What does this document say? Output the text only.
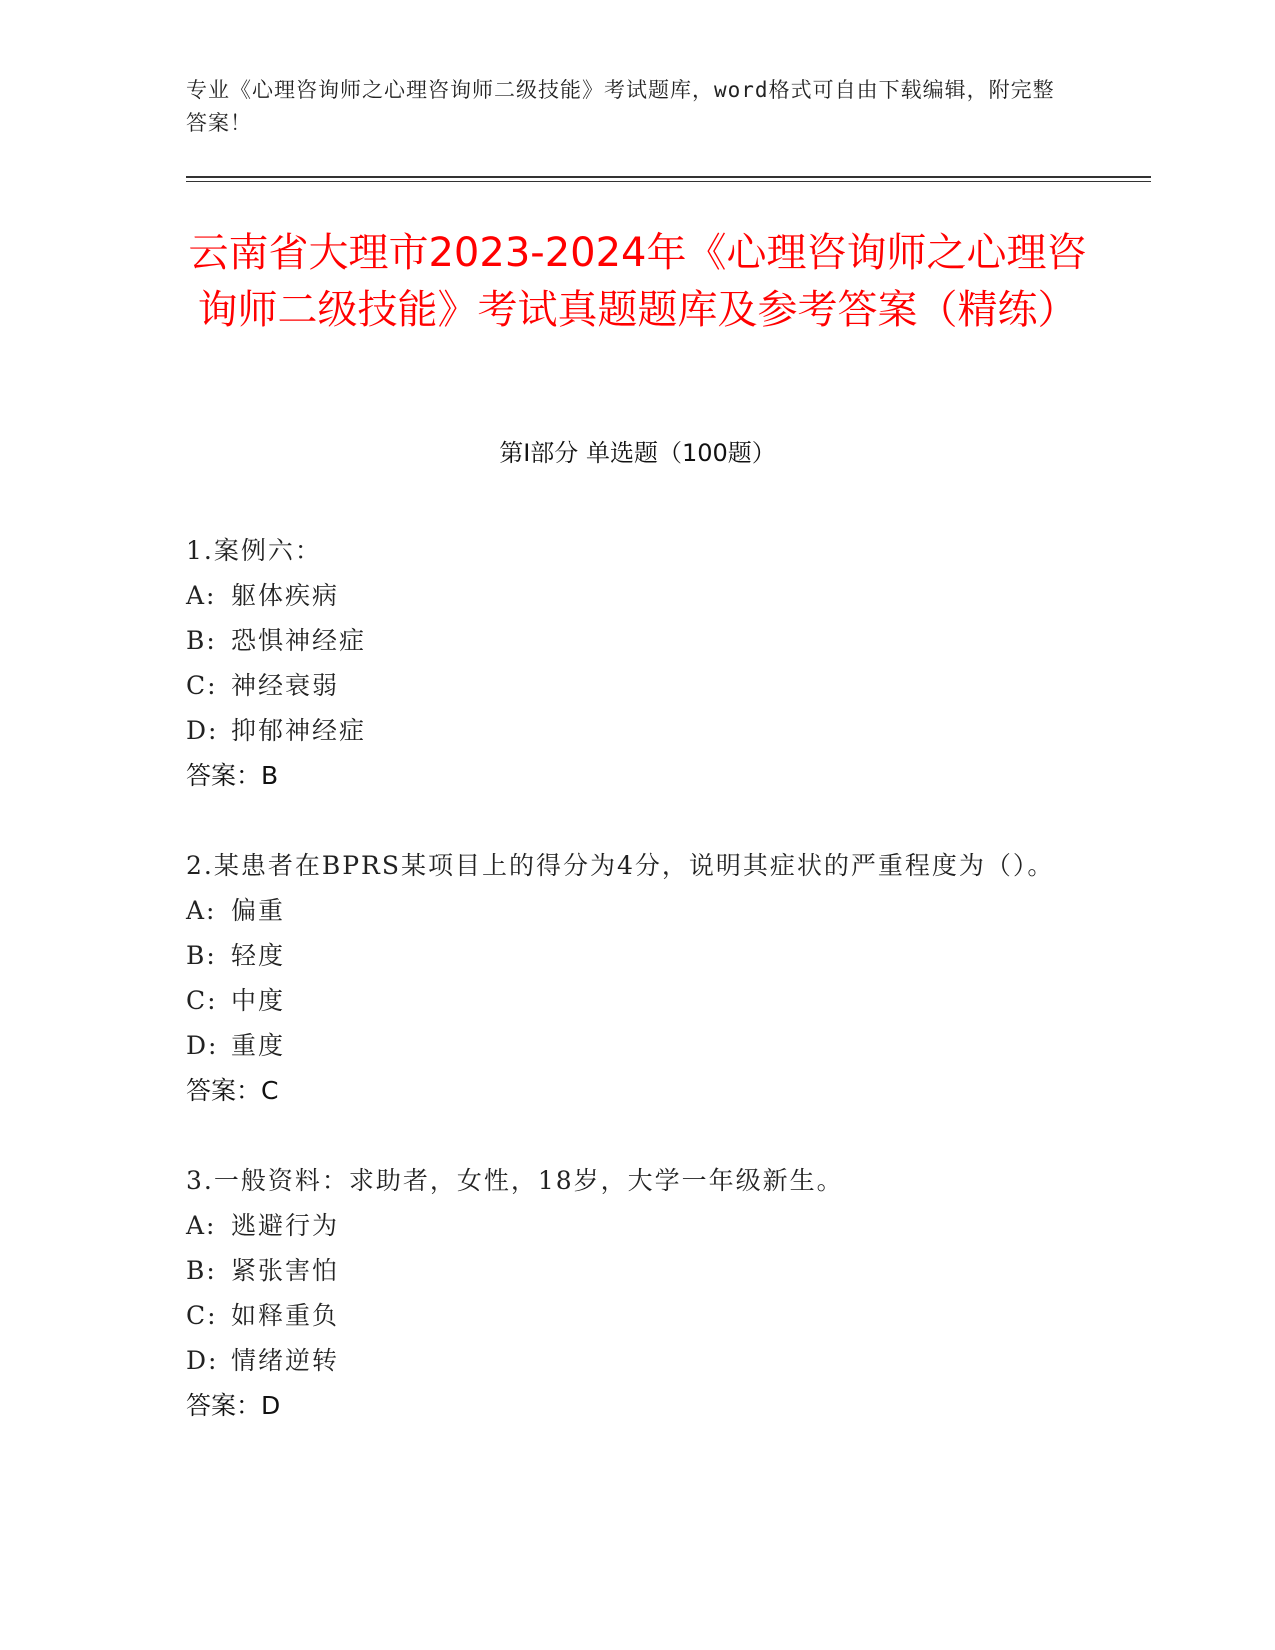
专业《心理咨询师之心理咨询师二级技能》考试题库，word格式可自由下载编辑，附完整答案！
云南省大理市2023-2024年《心理咨询师之心理咨询师二级技能》考试真题题库及参考答案（精练）
第I部分 单选题（100题）

1.案例六：

A: 躯体疾病

B: 恐惧神经症

C: 神经衰弱

D: 抑郁神经症

答案：B

2.某患者在BPRS某项目上的得分为4分，说明其症状的严重程度为（）。

A: 偏重

B: 轻度

C: 中度

D: 重度

答案：C

3.一般资料：求助者，女性，18岁，大学一年级新生。

A: 逃避行为

B: 紧张害怕

C: 如释重负

D: 情绪逆转

答案：D
